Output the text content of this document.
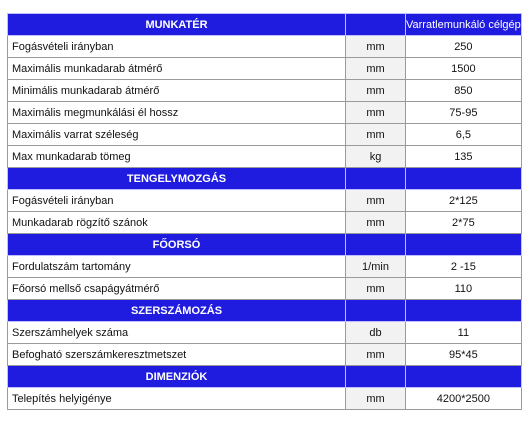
MUNKATÉR		Varratlemunkáló célgép
Fogásvételi irányban	mm	250
Maximális munkadarab átmérő	mm	1500
Minimális munkadarab átmérő	mm	850
Maximális megmunkálási él hossz	mm	75-95
Maximális varrat széleség	mm	6,5
Max munkadarab tömeg	kg	135
TENGELYMOZGÁS		
Fogásvételi irányban	mm	2*125
Munkadarab rögzítő szánok	mm	2*75
FŐORSÓ		
Fordulatszám tartomány	1/min	2 -15
Főorsó mellső csapágyátmérő	mm	110
SZERSZÁMOZÁS		
Szerszámhelyek száma	db	11
Befogható szerszámkeresztmetszet	mm	95*45
DIMENZIÓK		
Telepítés helyigénye	mm	4200*2500
